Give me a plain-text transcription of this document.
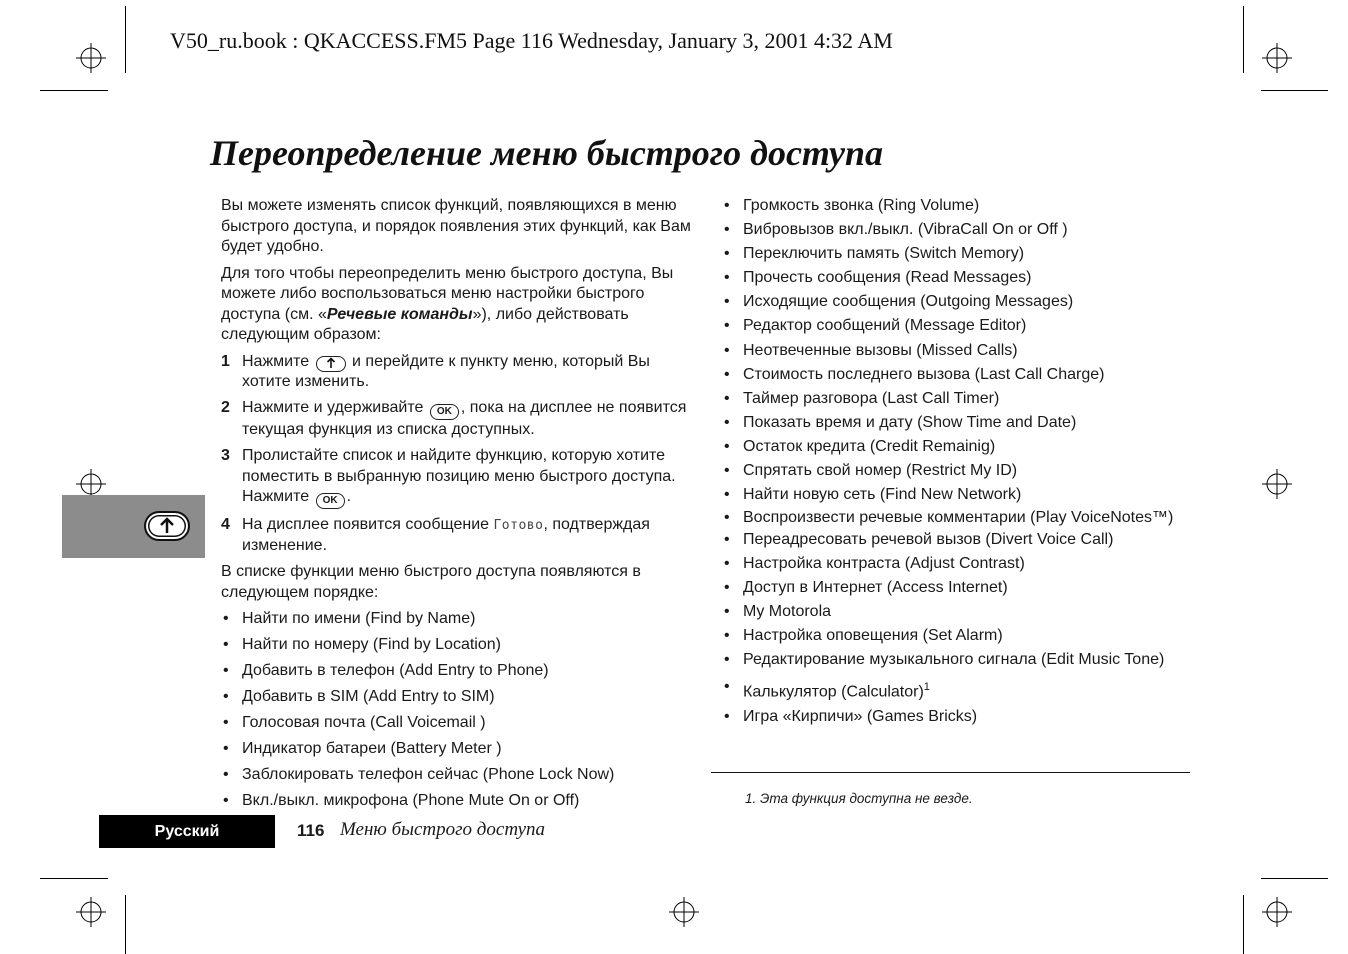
V50_ru.book : QKACCESS.FM5 Page 116 Wednesday, January 3, 2001 4:32 AM
Переопределение меню быстрого доступа

Вы можете изменять список функций, появляющихся в меню быстрого доступа, и порядок появления этих функций, как Вам будет удобно.

Для того чтобы переопределить меню быстрого доступа, Вы можете либо воспользоваться меню настройки быстрого доступа (см. «Речевые команды»), либо действовать следующим образом:

1 Нажмите	и перейдите к пункту меню, который Вы хотите изменить.
2 Нажмите и удерживайте OK , пока на дисплее не появится текущая функция из списка доступных.
3 Пролистайте список и найдите функцию, которую хотите поместить в выбранную позицию меню быстрого доступа. Нажмите OK .
4 На дисплее появится сообщение Готово, подтверждая изменение.

В списке функции меню быстрого доступа появляются в следующем порядке:

• Найти по имени (Find by Name)
• Найти по номеру (Find by Location)
• Добавить в телефон (Add Entry to Phone)
• Добавить в SIM (Add Entry to SIM)
• Голосовая почта (Call Voicemail )
• Индикатор батареи (Battery Meter )
• Заблокировать телефон сейчас (Phone Lock Now)
• Вкл./выкл. микрофона (Phone Mute On or Off)
• Громкость звонка (Ring Volume)
• Вибровызов вкл./выкл. (VibraCall On or Off )
• Переключить память (Switch Memory)
• Прочесть сообщения (Read Messages)
• Исходящие сообщения (Outgoing Messages)
• Редактор сообщений (Message Editor)
• Неотвеченные вызовы (Missed Calls)
• Стоимость последнего вызова (Last Call Charge)
• Таймер разговора (Last Call Timer)
• Показать время и дату (Show Time and Date)
• Остаток кредита (Credit Remainig)
• Спрятать свой номер (Restrict My ID)
• Найти новую сеть (Find New Network)
• Воспроизвести речевые комментарии (Play VoiceNotes™)
• Переадресовать речевой вызов (Divert Voice Call)
• Настройка контраста (Adjust Contrast)
• Доступ в Интернет (Access Internet)
• My Motorola
• Настройка оповещения (Set Alarm)
• Редактирование музыкального сигнала (Edit Music Tone)
• Калькулятор (Calculator)$^1$
• Игра «Кирпичи» (Games Bricks)
1. Эта функция доступна не везде.
Русский	116 Меню быстрого доступа
